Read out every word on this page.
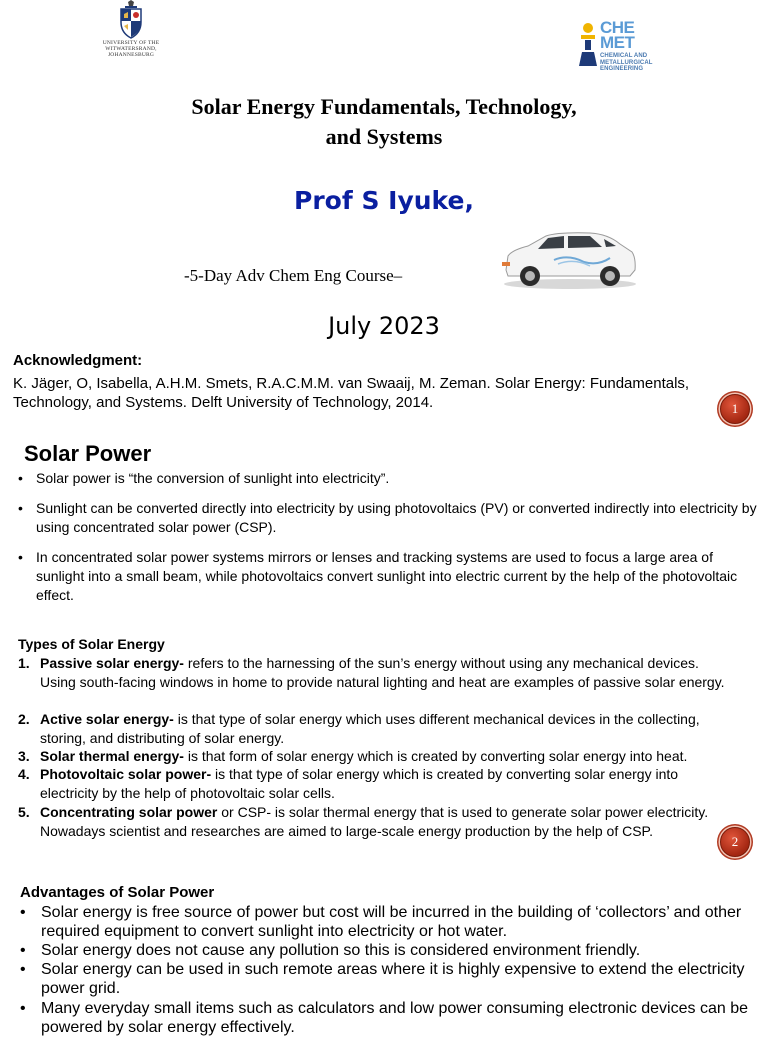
UNIVERSITY OF THE
WITWATERSRAND,
JOHANNESBURG
CHE
MET
CHEMICAL AND
METALLURGICAL
ENGINEERING
Solar Energy Fundamentals, Technology,
and Systems
Prof S Iyuke,
-5-Day Adv Chem Eng Course–
July 2023
Acknowledgment:
K. Jäger, O, Isabella, A.H.M. Smets, R.A.C.M.M. van Swaaij, M. Zeman. Solar Energy: Fundamentals, Technology, and Systems. Delft University of Technology, 2014.	1
Solar Power
• Solar power is “the conversion of sunlight into electricity”.
• Sunlight can be converted directly into electricity by using photovoltaics (PV) or converted indirectly into electricity by using concentrated solar power (CSP).
• In concentrated solar power systems mirrors or lenses and tracking systems are used to focus a large area of sunlight into a small beam, while photovoltaics convert sunlight into electric current by the help of the photovoltaic effect.
Types of Solar Energy
1. Passive solar energy- refers to the harnessing of the sun’s energy without using any mechanical devices. Using south-facing windows in home to provide natural lighting and heat are examples of passive solar energy.
2. Active solar energy- is that type of solar energy which uses different mechanical devices in the collecting, storing, and distributing of solar energy.
3. Solar thermal energy- is that form of solar energy which is created by converting solar energy into heat.
4. Photovoltaic solar power- is that type of solar energy which is created by converting solar energy into electricity by the help of photovoltaic solar cells.
5. Concentrating solar power or CSP- is solar thermal energy that is used to generate solar power electricity. Nowadays scientist and researches are aimed to large-scale energy production by the help of CSP.
2
Advantages of Solar Power
• Solar energy is free source of power but cost will be incurred in the building of ‘collectors’ and other required equipment to convert sunlight into electricity or hot water.
• Solar energy does not cause any pollution so this is considered environment friendly.
• Solar energy can be used in such remote areas where it is highly expensive to extend the electricity power grid.
• Many everyday small items such as calculators and low power consuming electronic devices can be powered by solar energy effectively.
